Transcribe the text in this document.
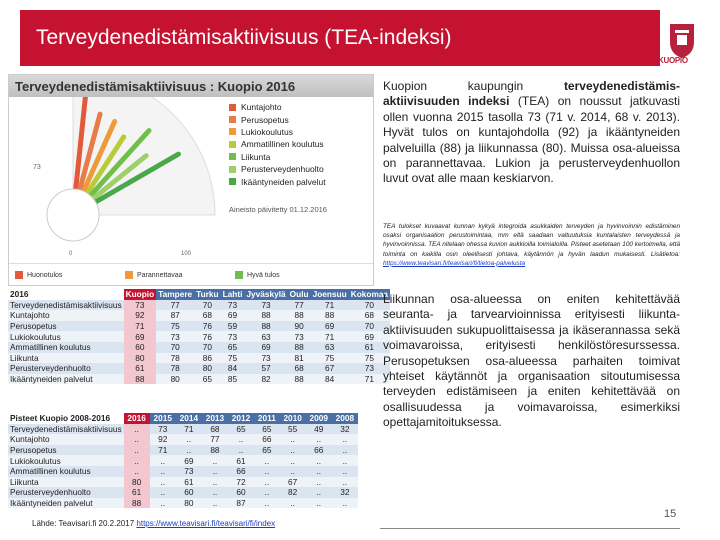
Terveydenedistämisaktiivisuus (TEA-indeksi)
KUOPIO
Terveydenedistämisaktiivisuus : Kuopio 2016
73
0	100
Kuntajohto
Perusopetus
Lukiokoulutus
Ammatillinen koulutus
Liikunta
Perusterveydenhuolto
Ikääntyneiden palvelut
Aineisto päivitetty 01.12.2016
Huonotulos	Parannettavaa	Hyvä tulos
2016	Kuopio	Tampere	Turku	Lahti	Jyväskylä	Oulu	Joensuu	Kokomaa
Terveydenedistämisaktiivisuus	73	77	70	73	73	77	71	70
Kuntajohto	92	87	68	69	88	88	88	68
Perusopetus	71	75	76	59	88	90	69	70
Lukiokoulutus	69	73	76	73	63	73	71	69
Ammatillinen koulutus	60	70	70	65	69	88	63	61
Liikunta	80	78	86	75	73	81	75	75
Perusterveydenhuolto	61	78	80	84	57	68	67	73
Ikääntyneiden palvelut	88	80	65	85	82	88	84	71
Pisteet Kuopio 2008-2016	2016	2015	2014	2013	2012	2011	2010	2009	2008
Terveydenedistämisaktiivisuus	..	73	71	68	65	65	55	49	32
Kuntajohto	..	92	..	77	..	66	..	..	..
Perusopetus	..	71	..	88	..	65	..	66	..
Lukiokoulutus	..	..	69	..	61	..	..	..	..
Ammatillinen koulutus	..	..	73	..	66	..	..	..	..
Liikunta	80	..	61	..	72	..	67	..	..
Perusterveydenhuolto	61	..	60	..	60	..	82	..	32
Ikääntyneiden palvelut	88	..	80	..	87	..	..	..	..
Kuopion kaupungin terveydenedistämis-aktiivisuuden indeksi (TEA) on noussut jatkuvasti ollen vuonna 2015 tasolla 73 (71 v. 2014, 68 v. 2013). Hyvät tulos on kuntajohdolla (92) ja ikääntyneiden palveluilla (88) ja liikunnassa (80). Muissa osa-alueissa on parannettavaa. Lukion ja perusterveydenhuollon luvut ovat alle maan keskiarvon.
TEA tulokset kuvaavat kunnan kykyä integroida asukkaiden terveyden ja hyvinvoinnin edistäminen osaksi organisaation perustoimintaa, mm eltä saadaan valtuutuksia kuntalaisten terveydessä ja hyvinvoinnissa. TEA nitelaan ohessa kuvion aukkioilla toimialoilla. Pisteet asetetaan 100 kertoimella, että toiminta on kaikilla osin oleellisesti johtava, käytännön ja hyvän laadun mukaisesti. Lisätietoa: https://www.teavisari.fi/teavisari/fi/tietoa-palvelusta
Liikunnan osa-alueessa on eniten kehitettävää seuranta- ja tarvearvioinnissa erityisesti liikunta-aktiivisuuden sukupuolittaisessa ja ikäserannassa sekä voimavaroissa, erityisesti henkilöstöresurssessa. Perusopetuksen osa-alueessa parhaiten toimivat yhteiset käytännöt ja organisaation sitoutumisessa terveyden edistämiseen ja eniten kehitettävää on osallisuudessa ja voimavaroissa, esimerkiksi opettajamitoituksessa.
Lähde: Teavisari.fi 20.2.2017 https://www.teavisari.fi/teavisari/fi/index
15
